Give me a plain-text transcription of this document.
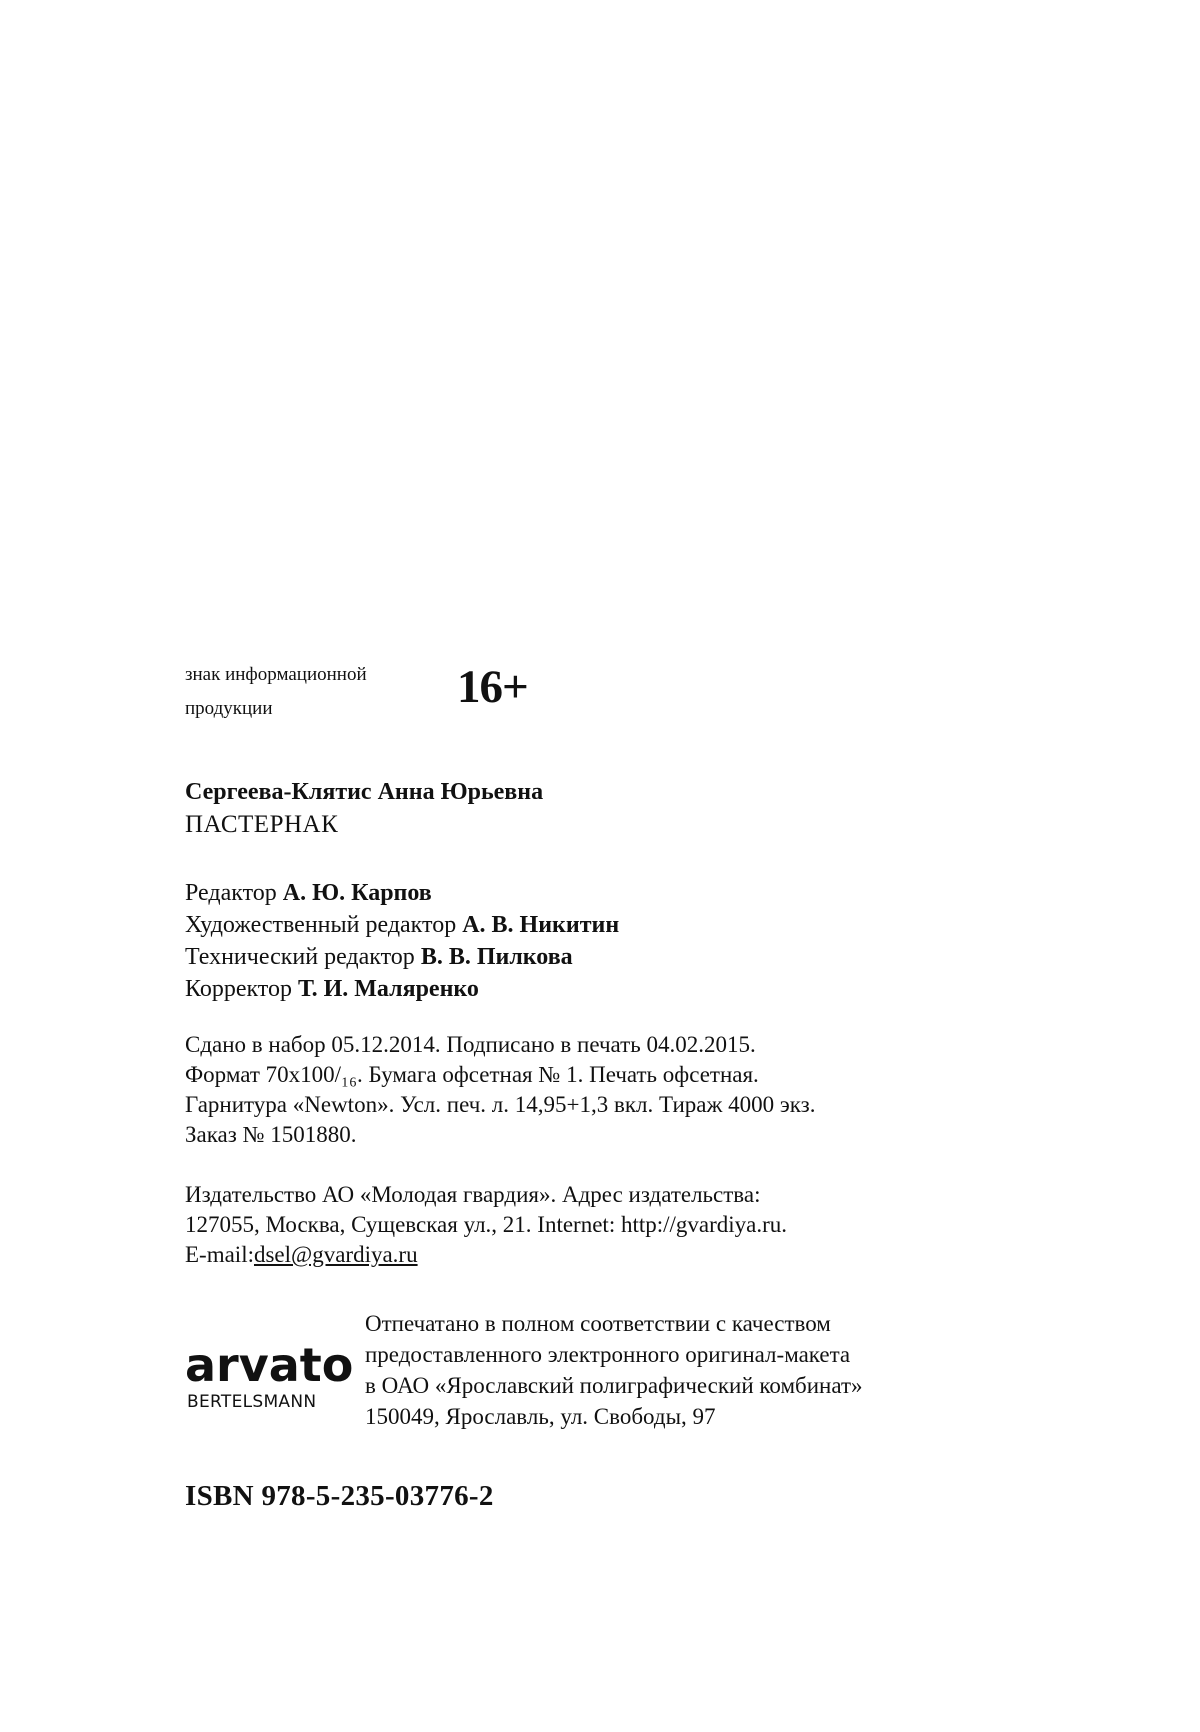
знак информационной
продукции	16+
Сергеева-Клятис Анна Юрьевна
ПАСТЕРНАК
Редактор А. Ю. Карпов
Художественный редактор А. В. Никитин
Технический редактор В. В. Пилкова
Корректор Т. И. Маляренко
Сдано в набор 05.12.2014. Подписано в печать 04.02.2015.
Формат 70х100/₁₆. Бумага офсетная № 1. Печать офсетная.
Гарнитура «Newton». Усл. печ. л. 14,95+1,3 вкл. Тираж 4000 экз.
Заказ № 1501880.
Издательство АО «Молодая гвардия». Адрес издательства:
127055, Москва, Сущевская ул., 21. Internet: http://gvardiya.ru.
E-mail:dsel@gvardiya.ru
arvato
BERTELSMANN
Отпечатано в полном соответствии с качеством
предоставленного электронного оригинал-макета
в ОАО «Ярославский полиграфический комбинат»
150049, Ярославль, ул. Свободы, 97
ISBN 978-5-235-03776-2
